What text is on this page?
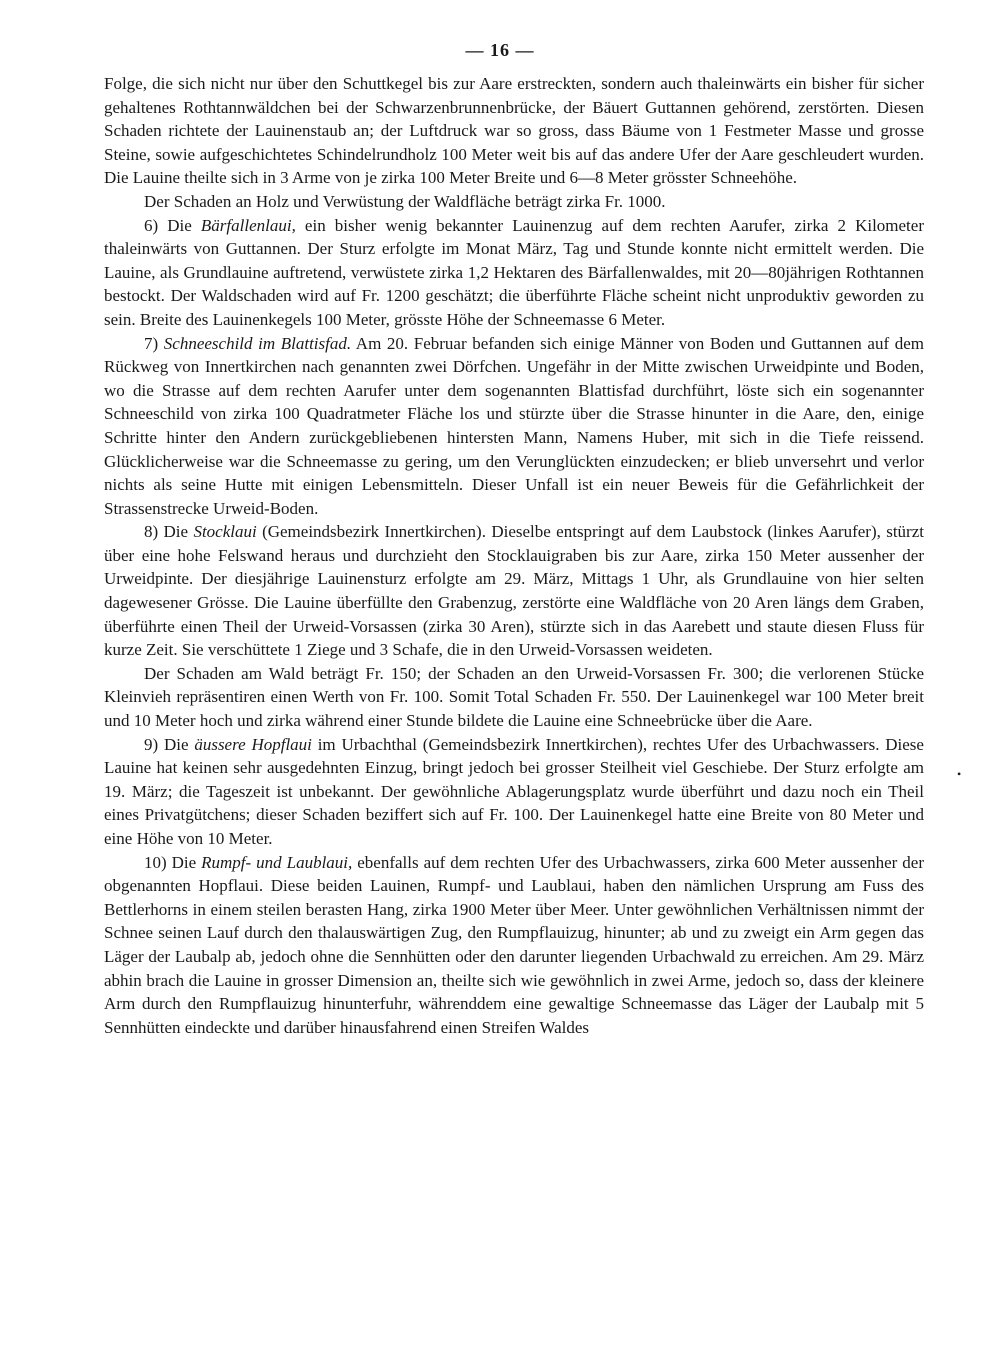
— 16 —

Folge, die sich nicht nur über den Schuttkegel bis zur Aare erstreckten, sondern auch thaleinwärts ein bisher für sicher gehaltenes Rothtannwäldchen bei der Schwarzenbrunnenbrücke, der Bäuert Guttannen gehörend, zerstörten. Diesen Schaden richtete der Lauinenstaub an; der Luftdruck war so gross, dass Bäume von 1 Festmeter Masse und grosse Steine, sowie aufgeschichtetes Schindelrundholz 100 Meter weit bis auf das andere Ufer der Aare geschleudert wurden. Die Lauine theilte sich in 3 Arme von je zirka 100 Meter Breite und 6—8 Meter grösster Schneehöhe.

Der Schaden an Holz und Verwüstung der Waldfläche beträgt zirka Fr. 1000.

6) Die Bärfallenlaui, ein bisher wenig bekannter Lauinenzug auf dem rechten Aarufer, zirka 2 Kilometer thaleinwärts von Guttannen. Der Sturz erfolgte im Monat März, Tag und Stunde konnte nicht ermittelt werden. Die Lauine, als Grundlauine auftretend, verwüstete zirka 1,2 Hektaren des Bärfallenwaldes, mit 20—80jährigen Rothtannen bestockt. Der Waldschaden wird auf Fr. 1200 geschätzt; die überführte Fläche scheint nicht unproduktiv geworden zu sein. Breite des Lauinenkegels 100 Meter, grösste Höhe der Schneemasse 6 Meter.

7) Schneeschild im Blattisfad. Am 20. Februar befanden sich einige Männer von Boden und Guttannen auf dem Rückweg von Innertkirchen nach genannten zwei Dörfchen. Ungefähr in der Mitte zwischen Urweidpinte und Boden, wo die Strasse auf dem rechten Aarufer unter dem sogenannten Blattisfad durchführt, löste sich ein sogenannter Schneeschild von zirka 100 Quadratmeter Fläche los und stürzte über die Strasse hinunter in die Aare, den, einige Schritte hinter den Andern zurückgebliebenen hintersten Mann, Namens Huber, mit sich in die Tiefe reissend. Glücklicherweise war die Schneemasse zu gering, um den Verunglückten einzudecken; er blieb unversehrt und verlor nichts als seine Hutte mit einigen Lebensmitteln. Dieser Unfall ist ein neuer Beweis für die Gefährlichkeit der Strassenstrecke Urweid-Boden.

8) Die Stocklaui (Gemeindsbezirk Innertkirchen). Dieselbe entspringt auf dem Laubstock (linkes Aarufer), stürzt über eine hohe Felswand heraus und durchzieht den Stocklauigraben bis zur Aare, zirka 150 Meter aussenher der Urweidpinte. Der diesjährige Lauinensturz erfolgte am 29. März, Mittags 1 Uhr, als Grundlauine von hier selten dagewesener Grösse. Die Lauine überfüllte den Grabenzug, zerstörte eine Waldfläche von 20 Aren längs dem Graben, überführte einen Theil der Urweid-Vorsassen (zirka 30 Aren), stürzte sich in das Aarebett und staute diesen Fluss für kurze Zeit. Sie verschüttete 1 Ziege und 3 Schafe, die in den Urweid-Vorsassen weideten.

Der Schaden am Wald beträgt Fr. 150; der Schaden an den Urweid-Vorsassen Fr. 300; die verlorenen Stücke Kleinvieh repräsentiren einen Werth von Fr. 100. Somit Total Schaden Fr. 550. Der Lauinenkegel war 100 Meter breit und 10 Meter hoch und zirka während einer Stunde bildete die Lauine eine Schneebrücke über die Aare.

9) Die äussere Hopflaui im Urbachthal (Gemeindsbezirk Innertkirchen), rechtes Ufer des Urbachwassers. Diese Lauine hat keinen sehr ausgedehnten Einzug, bringt jedoch bei grosser Steilheit viel Geschiebe. Der Sturz erfolgte am 19. März; die Tageszeit ist unbekannt. Der gewöhnliche Ablagerungsplatz wurde überführt und dazu noch ein Theil eines Privatgütchens; dieser Schaden beziffert sich auf Fr. 100. Der Lauinenkegel hatte eine Breite von 80 Meter und eine Höhe von 10 Meter.

10) Die Rumpf- und Laublaui, ebenfalls auf dem rechten Ufer des Urbachwassers, zirka 600 Meter aussenher der obgenannten Hopflaui. Diese beiden Lauinen, Rumpf- und Laublaui, haben den nämlichen Ursprung am Fuss des Bettlerhorns in einem steilen berasten Hang, zirka 1900 Meter über Meer. Unter gewöhnlichen Verhältnissen nimmt der Schnee seinen Lauf durch den thalauswärtigen Zug, den Rumpflauizug, hinunter; ab und zu zweigt ein Arm gegen das Läger der Laubalp ab, jedoch ohne die Sennhütten oder den darunter liegenden Urbachwald zu erreichen. Am 29. März abhin brach die Lauine in grosser Dimension an, theilte sich wie gewöhnlich in zwei Arme, jedoch so, dass der kleinere Arm durch den Rumpflauizug hinunterfuhr, währenddem eine gewaltige Schneemasse das Läger der Laubalp mit 5 Sennhütten eindeckte und darüber hinausfahrend einen Streifen Waldes

•
